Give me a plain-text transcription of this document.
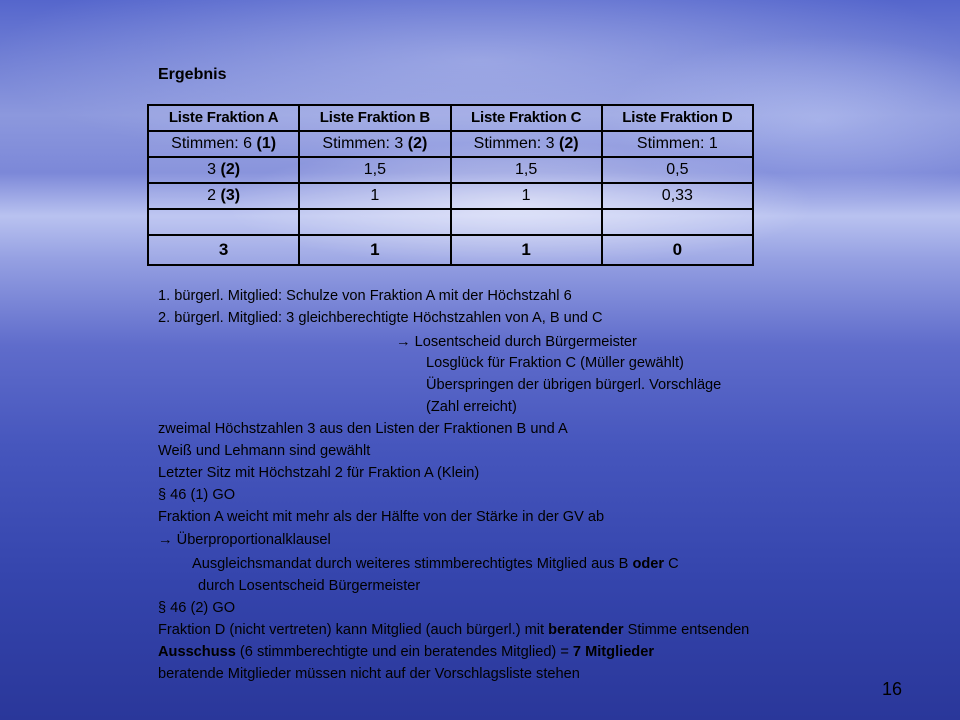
Ergebnis
Liste Fraktion A	Liste Fraktion B	Liste Fraktion C	Liste Fraktion D
Stimmen: 6 (1)	Stimmen: 3 (2)	Stimmen: 3 (2)	Stimmen: 1
3 (2)	1,5	1,5	0,5
2 (3)	1	1	0,33

3	1	1	0
1. bürgerl. Mitglied: Schulze von Fraktion A mit der Höchstzahl 6
2. bürgerl. Mitglied: 3 gleichberechtigte Höchstzahlen von A, B und C
→ Losentscheid durch Bürgermeister
Losglück für Fraktion C (Müller gewählt)
Überspringen der übrigen bürgerl. Vorschläge
(Zahl erreicht)
zweimal Höchstzahlen 3 aus den Listen der Fraktionen B und A
Weiß und Lehmann sind gewählt
Letzter Sitz mit Höchstzahl 2 für Fraktion A (Klein)
§ 46 (1) GO
Fraktion A weicht mit mehr als der Hälfte von der Stärke in der GV ab
→ Überproportionalklausel
Ausgleichsmandat durch weiteres stimmberechtigtes Mitglied aus B oder C
durch Losentscheid Bürgermeister
§ 46 (2) GO
Fraktion D (nicht vertreten) kann Mitglied (auch bürgerl.) mit beratender Stimme entsenden
Ausschuss (6 stimmberechtigte und ein beratendes Mitglied) = 7 Mitglieder
beratende Mitglieder müssen nicht auf der Vorschlagsliste stehen
16
